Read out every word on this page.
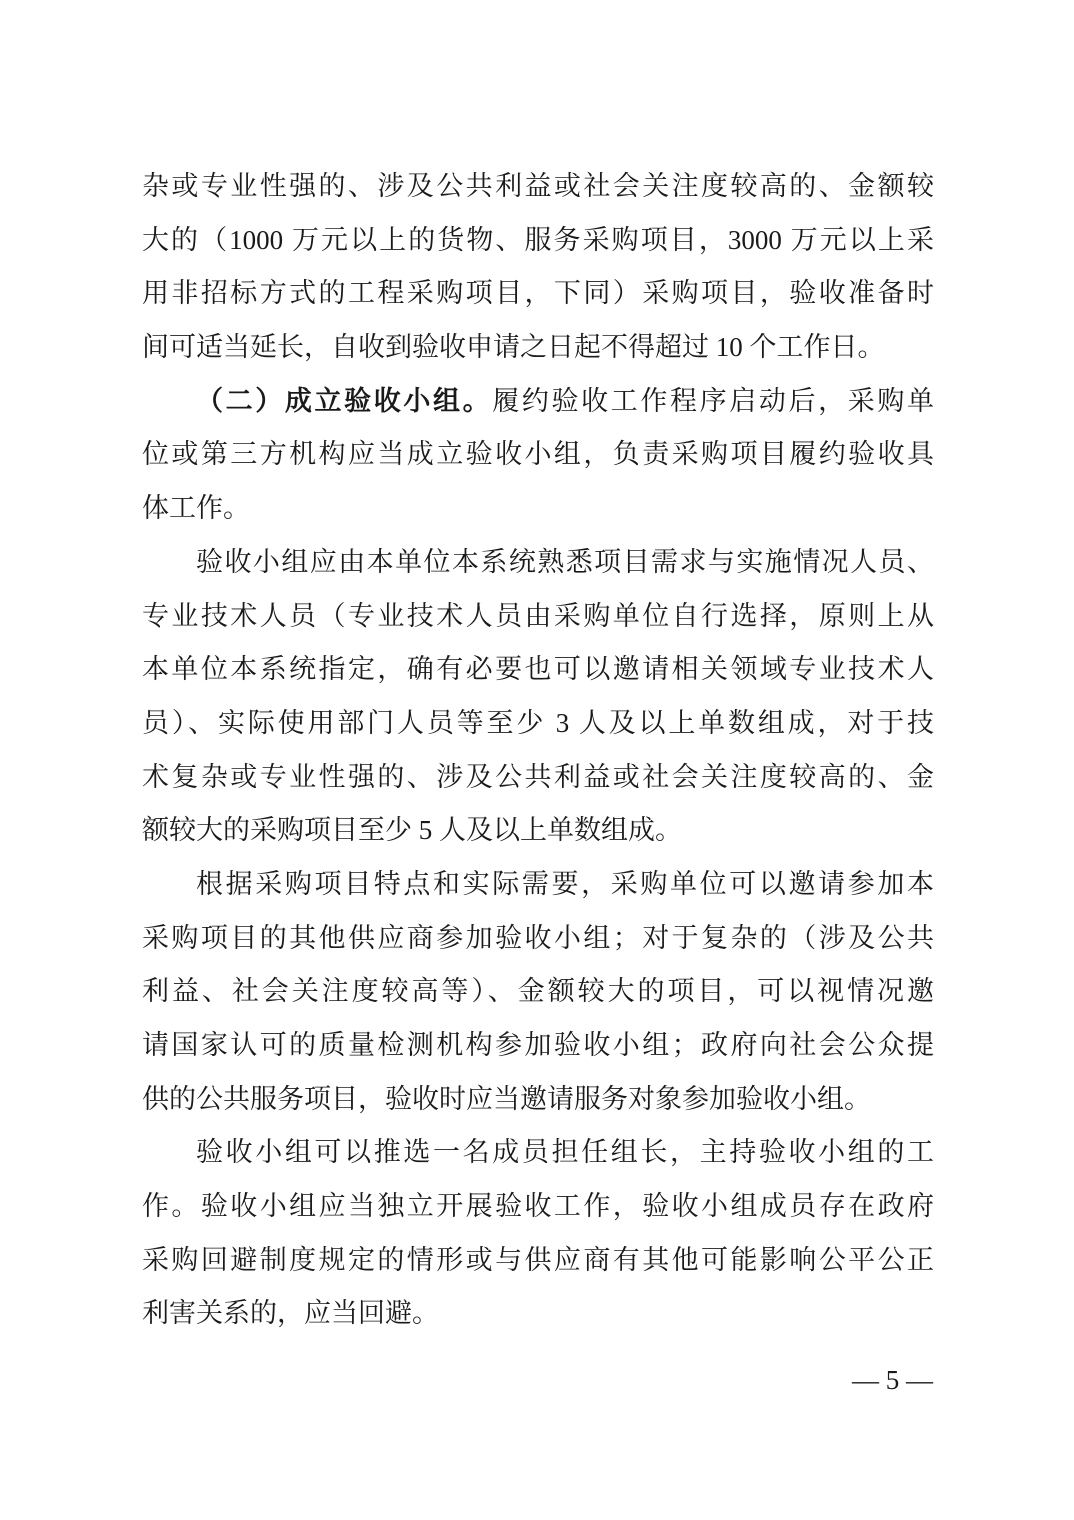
杂或专业性强的、涉及公共利益或社会关注度较高的、金额较
大的（1000 万元以上的货物、服务采购项目，3000 万元以上采
用非招标方式的工程采购项目，下同）采购项目，验收准备时
间可适当延长，自收到验收申请之日起不得超过 10 个工作日。
（二）成立验收小组。履约验收工作程序启动后，采购单
位或第三方机构应当成立验收小组，负责采购项目履约验收具
体工作。
验收小组应由本单位本系统熟悉项目需求与实施情况人员、
专业技术人员（专业技术人员由采购单位自行选择，原则上从
本单位本系统指定，确有必要也可以邀请相关领域专业技术人
员）、实际使用部门人员等至少 3 人及以上单数组成，对于技
术复杂或专业性强的、涉及公共利益或社会关注度较高的、金
额较大的采购项目至少 5 人及以上单数组成。
根据采购项目特点和实际需要，采购单位可以邀请参加本
采购项目的其他供应商参加验收小组；对于复杂的（涉及公共
利益、社会关注度较高等）、金额较大的项目，可以视情况邀
请国家认可的质量检测机构参加验收小组；政府向社会公众提
供的公共服务项目，验收时应当邀请服务对象参加验收小组。
验收小组可以推选一名成员担任组长，主持验收小组的工
作。验收小组应当独立开展验收工作，验收小组成员存在政府
采购回避制度规定的情形或与供应商有其他可能影响公平公正
利害关系的，应当回避。
— 5 —
